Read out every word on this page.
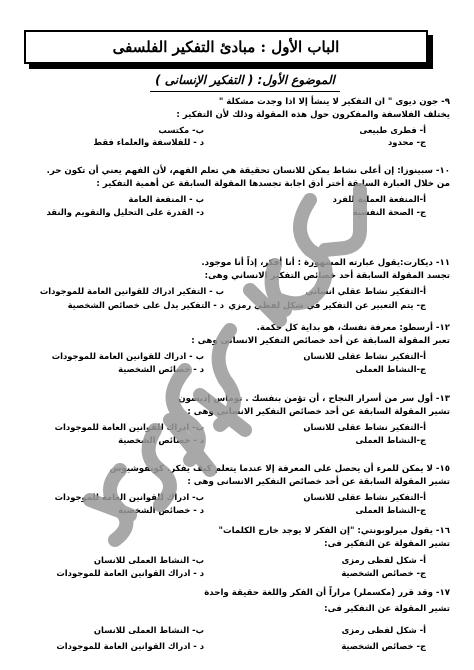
الباب الأول : مبادئ التفكير الفلسفى
الموضوع الأول: ( التفكير الإنسانى )
٩- جون ديوى " ان التفكير لا ينشأ إلا اذا وجدت مشكلة "
يختلف الفلاسفة والمفكرون حول هذه المقولة وذلك لأن التفكير :
أ- فطرى طبيعى
ب- مكتسب
ج- محدود
د - للفلاسفة والعلماء فقط
١٠- سبينوزا: إن أعلى نشاط يمكن للانسان تحقيقة هي تعلم الفهم، لأن الفهم يعني أن تكون حر.
من خلال العبارة السابقة أختر أدق اجابة تجسدها المقولة السابقة عن أهمية التفكير :
أ-المنفعة العملية للفرد
ب - المنفعة العامة
ج- الصحة النفسية
د- القدرة على التحليل والتقويم والنقد
١١- ديكارت:يقول عبارته المشهورة : أنا أفكر، إذاً أنا موجود.
تجسد المقولة السابقة أحد خصائص التفكير الانساني وهى:
أ-التفكير نشاط عقلي انساني
ب - التفكير ادراك للقوانين العامة للموجودات
ج- يتم التعبير عن التفكير في شكل لفظي رمزي
د - التفكير يدل على خصائص الشخصية
١٢- أرسطو: معرفة نفسك، هو بداية كل حكمة.
تعبر المقولة السابقة عن أحد خصائص التفكير الانسانى وهى :
أ-التفكير نشاط عقلى للانسان
ب - ادراك للقوانين العامة للموجودات
ج-النشاط العملى
د - خصائص الشخصية
١٣- أول سر من أسرار النجاح ، أن تؤمن بنفسك . توماس إديسون
تشير المقولة السابقة عن أحد خصائص التفكير الانسانى وهى :
أ-التفكير نشاط عقلى للانسان
ب- ادراك للقوانين العامة للموجودات
ج-النشاط العملى
د - خصائص الشخصية
١٥- لا يمكن للمرء أن يحصل على المعرفة إلا عندما يتعلم كيف يفكر. كونفوشيوس
تشير المقولة السابقة عن أحد خصائص التفكير الانسانى وهى :
أ-التفكير نشاط عقلى للانسان
ب- ادراك للقوانين العامة للموجودات
ج-النشاط العملى
د - خصائص الشخصية
١٦- يقول ميرلوبونتي: "إن الفكر لا يوجد خارج الكلمات"
تشير المقولة عن التفكير فى:
أ- شكل لفظى رمزى
ب- النشاط العملى للانسان
ج- خصائص الشخصية
د - ادراك القوانين العامة للموجودات
١٧- وقد قرر (مكسملر) مراراً أن الفكر واللغة حقيقة واحدة
تشير المقولة عن التفكير فى:
أ- شكل لفظى رمزى
ب- النشاط العملى للانسان
ج- خصائص الشخصية
د - ادراك القوانين العامة للموجودات
